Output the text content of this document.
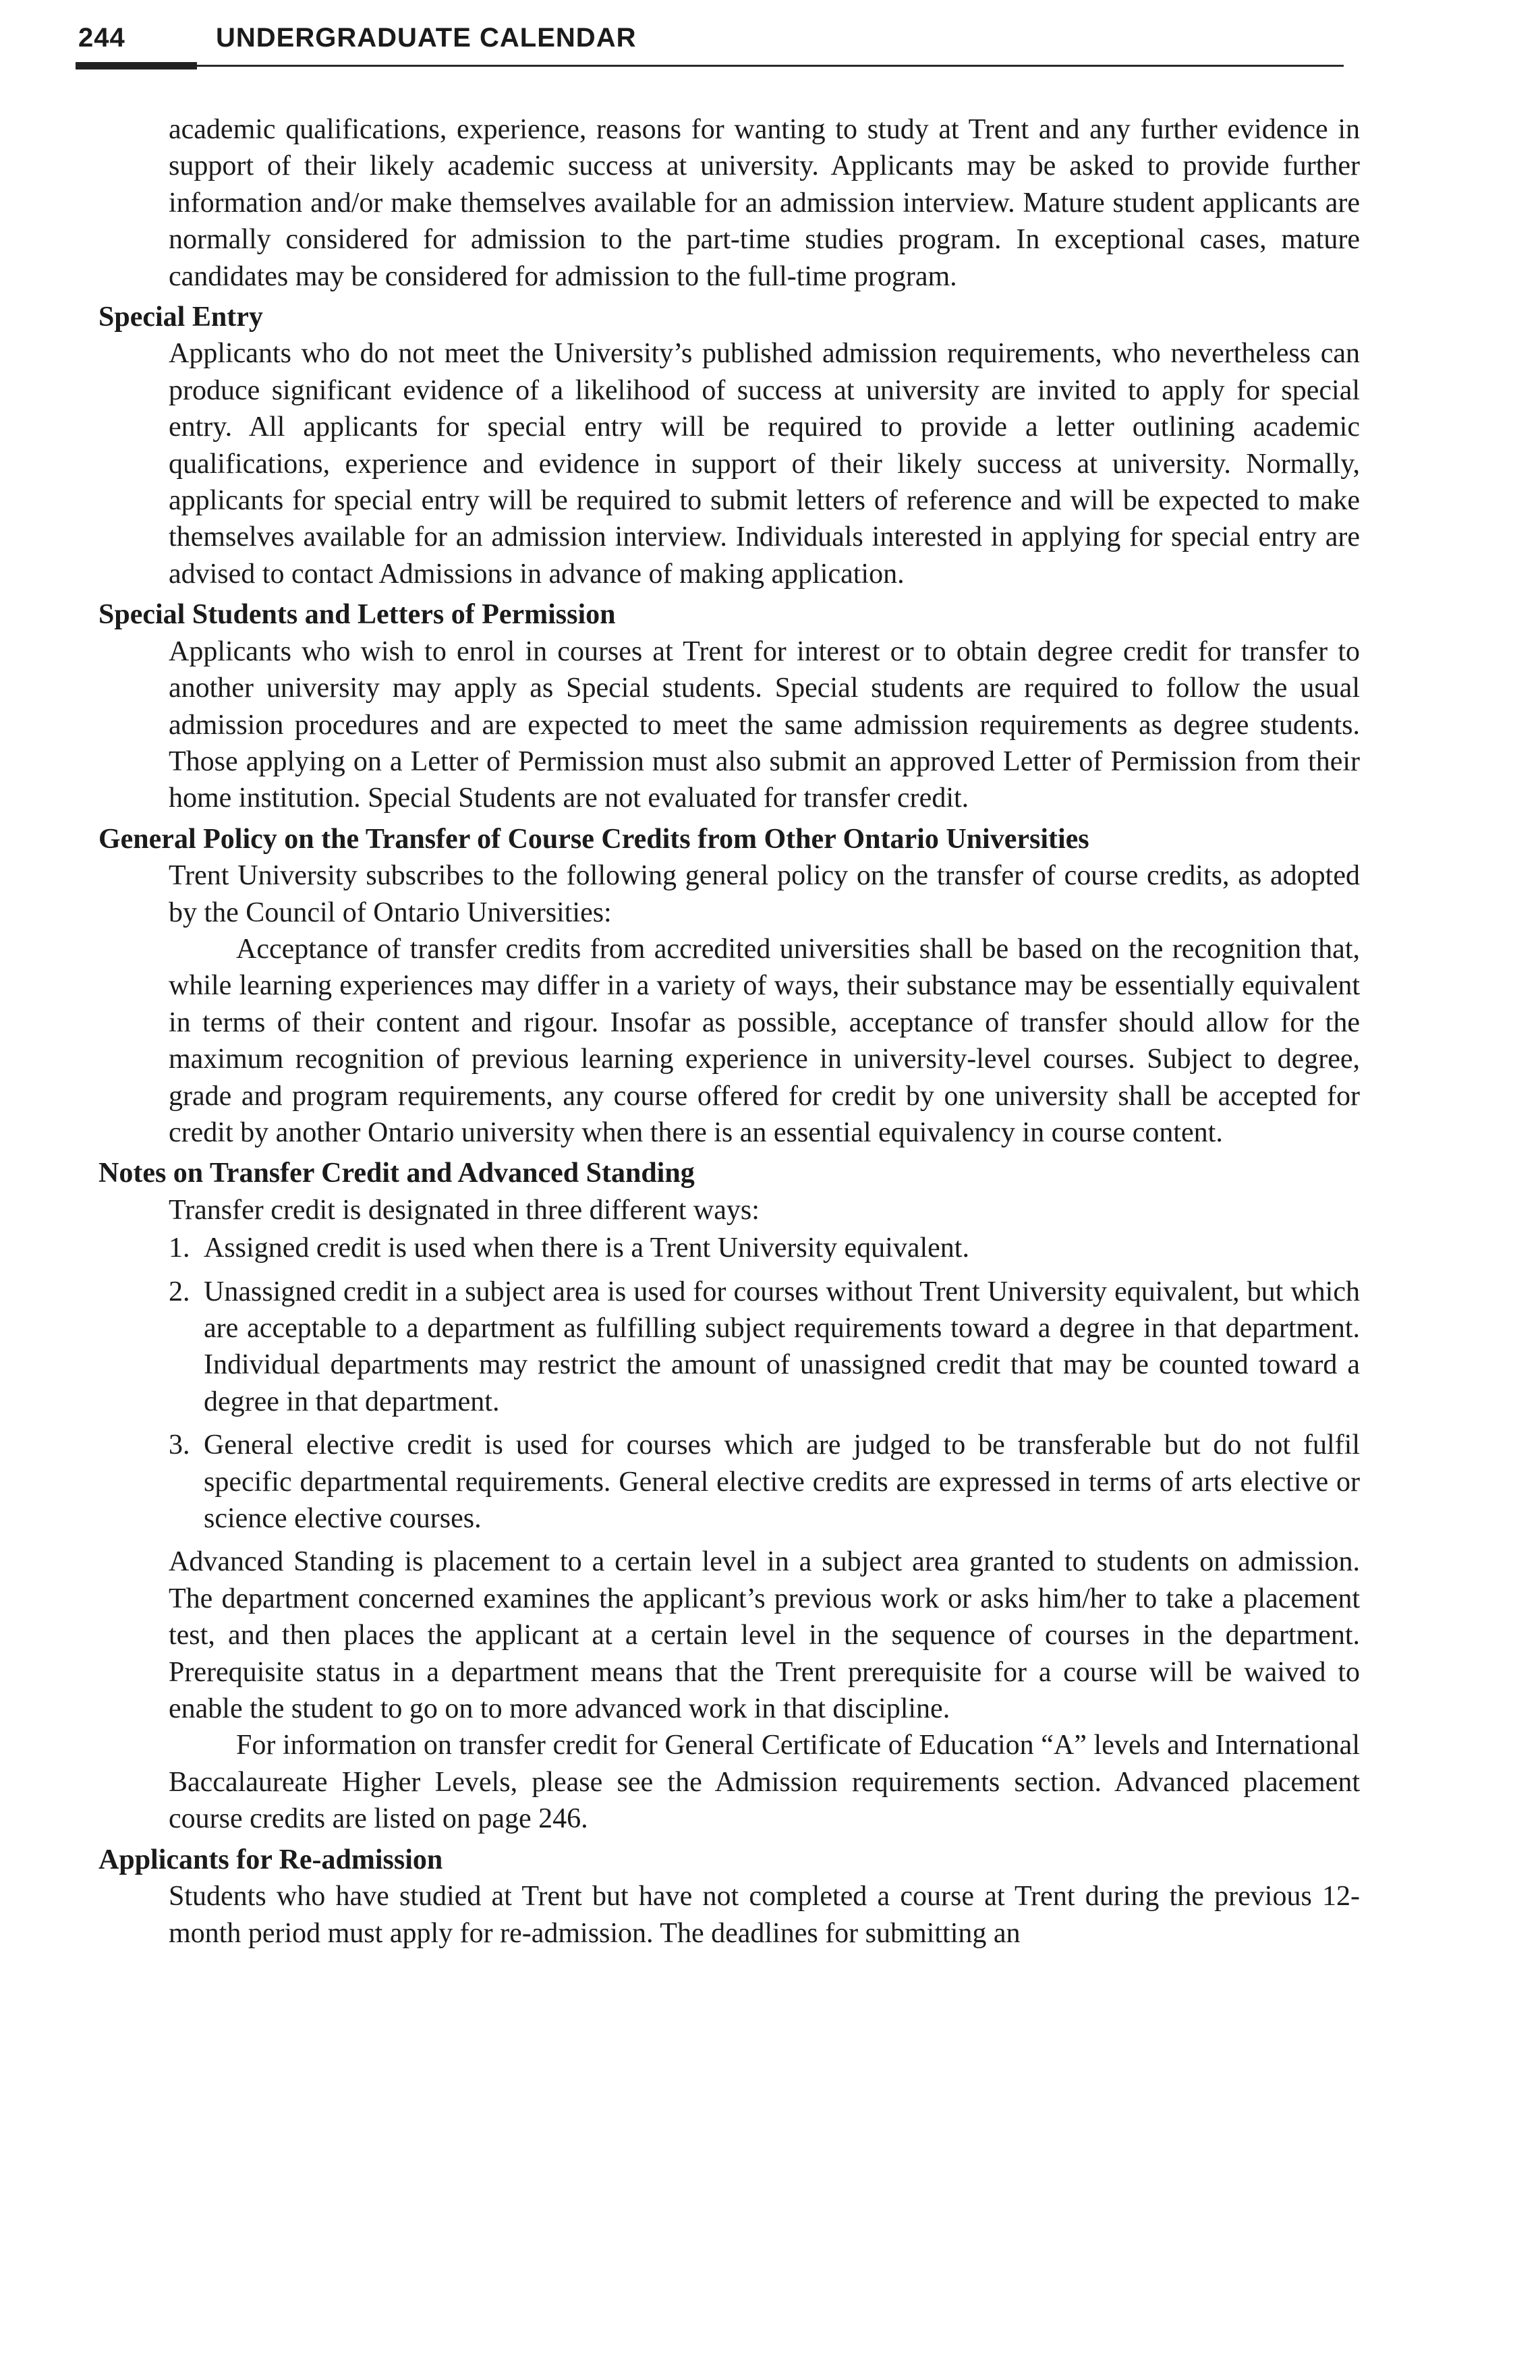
244	UNDERGRADUATE CALENDAR

academic qualifications, experience, reasons for wanting to study at Trent and any further evidence in support of their likely academic success at university. Applicants may be asked to provide further information and/or make themselves available for an admission interview. Mature student applicants are normally considered for admission to the part-time studies program. In exceptional cases, mature candidates may be considered for admission to the full-time program.

Special Entry

Applicants who do not meet the University’s published admission requirements, who nevertheless can produce significant evidence of a likelihood of success at university are invited to apply for special entry. All applicants for special entry will be required to provide a letter outlining academic qualifications, experience and evidence in support of their likely success at university. Normally, applicants for special entry will be required to submit letters of reference and will be expected to make themselves available for an admission interview. Individuals interested in applying for special entry are advised to contact Admissions in advance of making application.

Special Students and Letters of Permission

Applicants who wish to enrol in courses at Trent for interest or to obtain degree credit for transfer to another university may apply as Special students. Special students are required to follow the usual admission procedures and are expected to meet the same admission requirements as degree students. Those applying on a Letter of Permission must also submit an approved Letter of Permission from their home institution. Special Students are not evaluated for transfer credit.

General Policy on the Transfer of Course Credits from Other Ontario Universities

Trent University subscribes to the following general policy on the transfer of course credits, as adopted by the Council of Ontario Universities:

Acceptance of transfer credits from accredited universities shall be based on the recognition that, while learning experiences may differ in a variety of ways, their substance may be essentially equivalent in terms of their content and rigour. Insofar as possible, acceptance of transfer should allow for the maximum recognition of previous learning experience in university-level courses. Subject to degree, grade and program requirements, any course offered for credit by one university shall be accepted for credit by another Ontario university when there is an essential equivalency in course content.

Notes on Transfer Credit and Advanced Standing

Transfer credit is designated in three different ways:

1. Assigned credit is used when there is a Trent University equivalent.
2. Unassigned credit in a subject area is used for courses without Trent University equivalent, but which are acceptable to a department as fulfilling subject requirements toward a degree in that department. Individual departments may restrict the amount of unassigned credit that may be counted toward a degree in that department.
3. General elective credit is used for courses which are judged to be transferable but do not fulfil specific departmental requirements. General elective credits are expressed in terms of arts elective or science elective courses.

Advanced Standing is placement to a certain level in a subject area granted to students on admission. The department concerned examines the applicant’s previous work or asks him/her to take a placement test, and then places the applicant at a certain level in the sequence of courses in the department. Prerequisite status in a department means that the Trent prerequisite for a course will be waived to enable the student to go on to more advanced work in that discipline.

For information on transfer credit for General Certificate of Education “A” levels and International Baccalaureate Higher Levels, please see the Admission requirements section. Advanced placement course credits are listed on page 246.

Applicants for Re-admission

Students who have studied at Trent but have not completed a course at Trent during the previous 12-month period must apply for re-admission. The deadlines for submitting an
